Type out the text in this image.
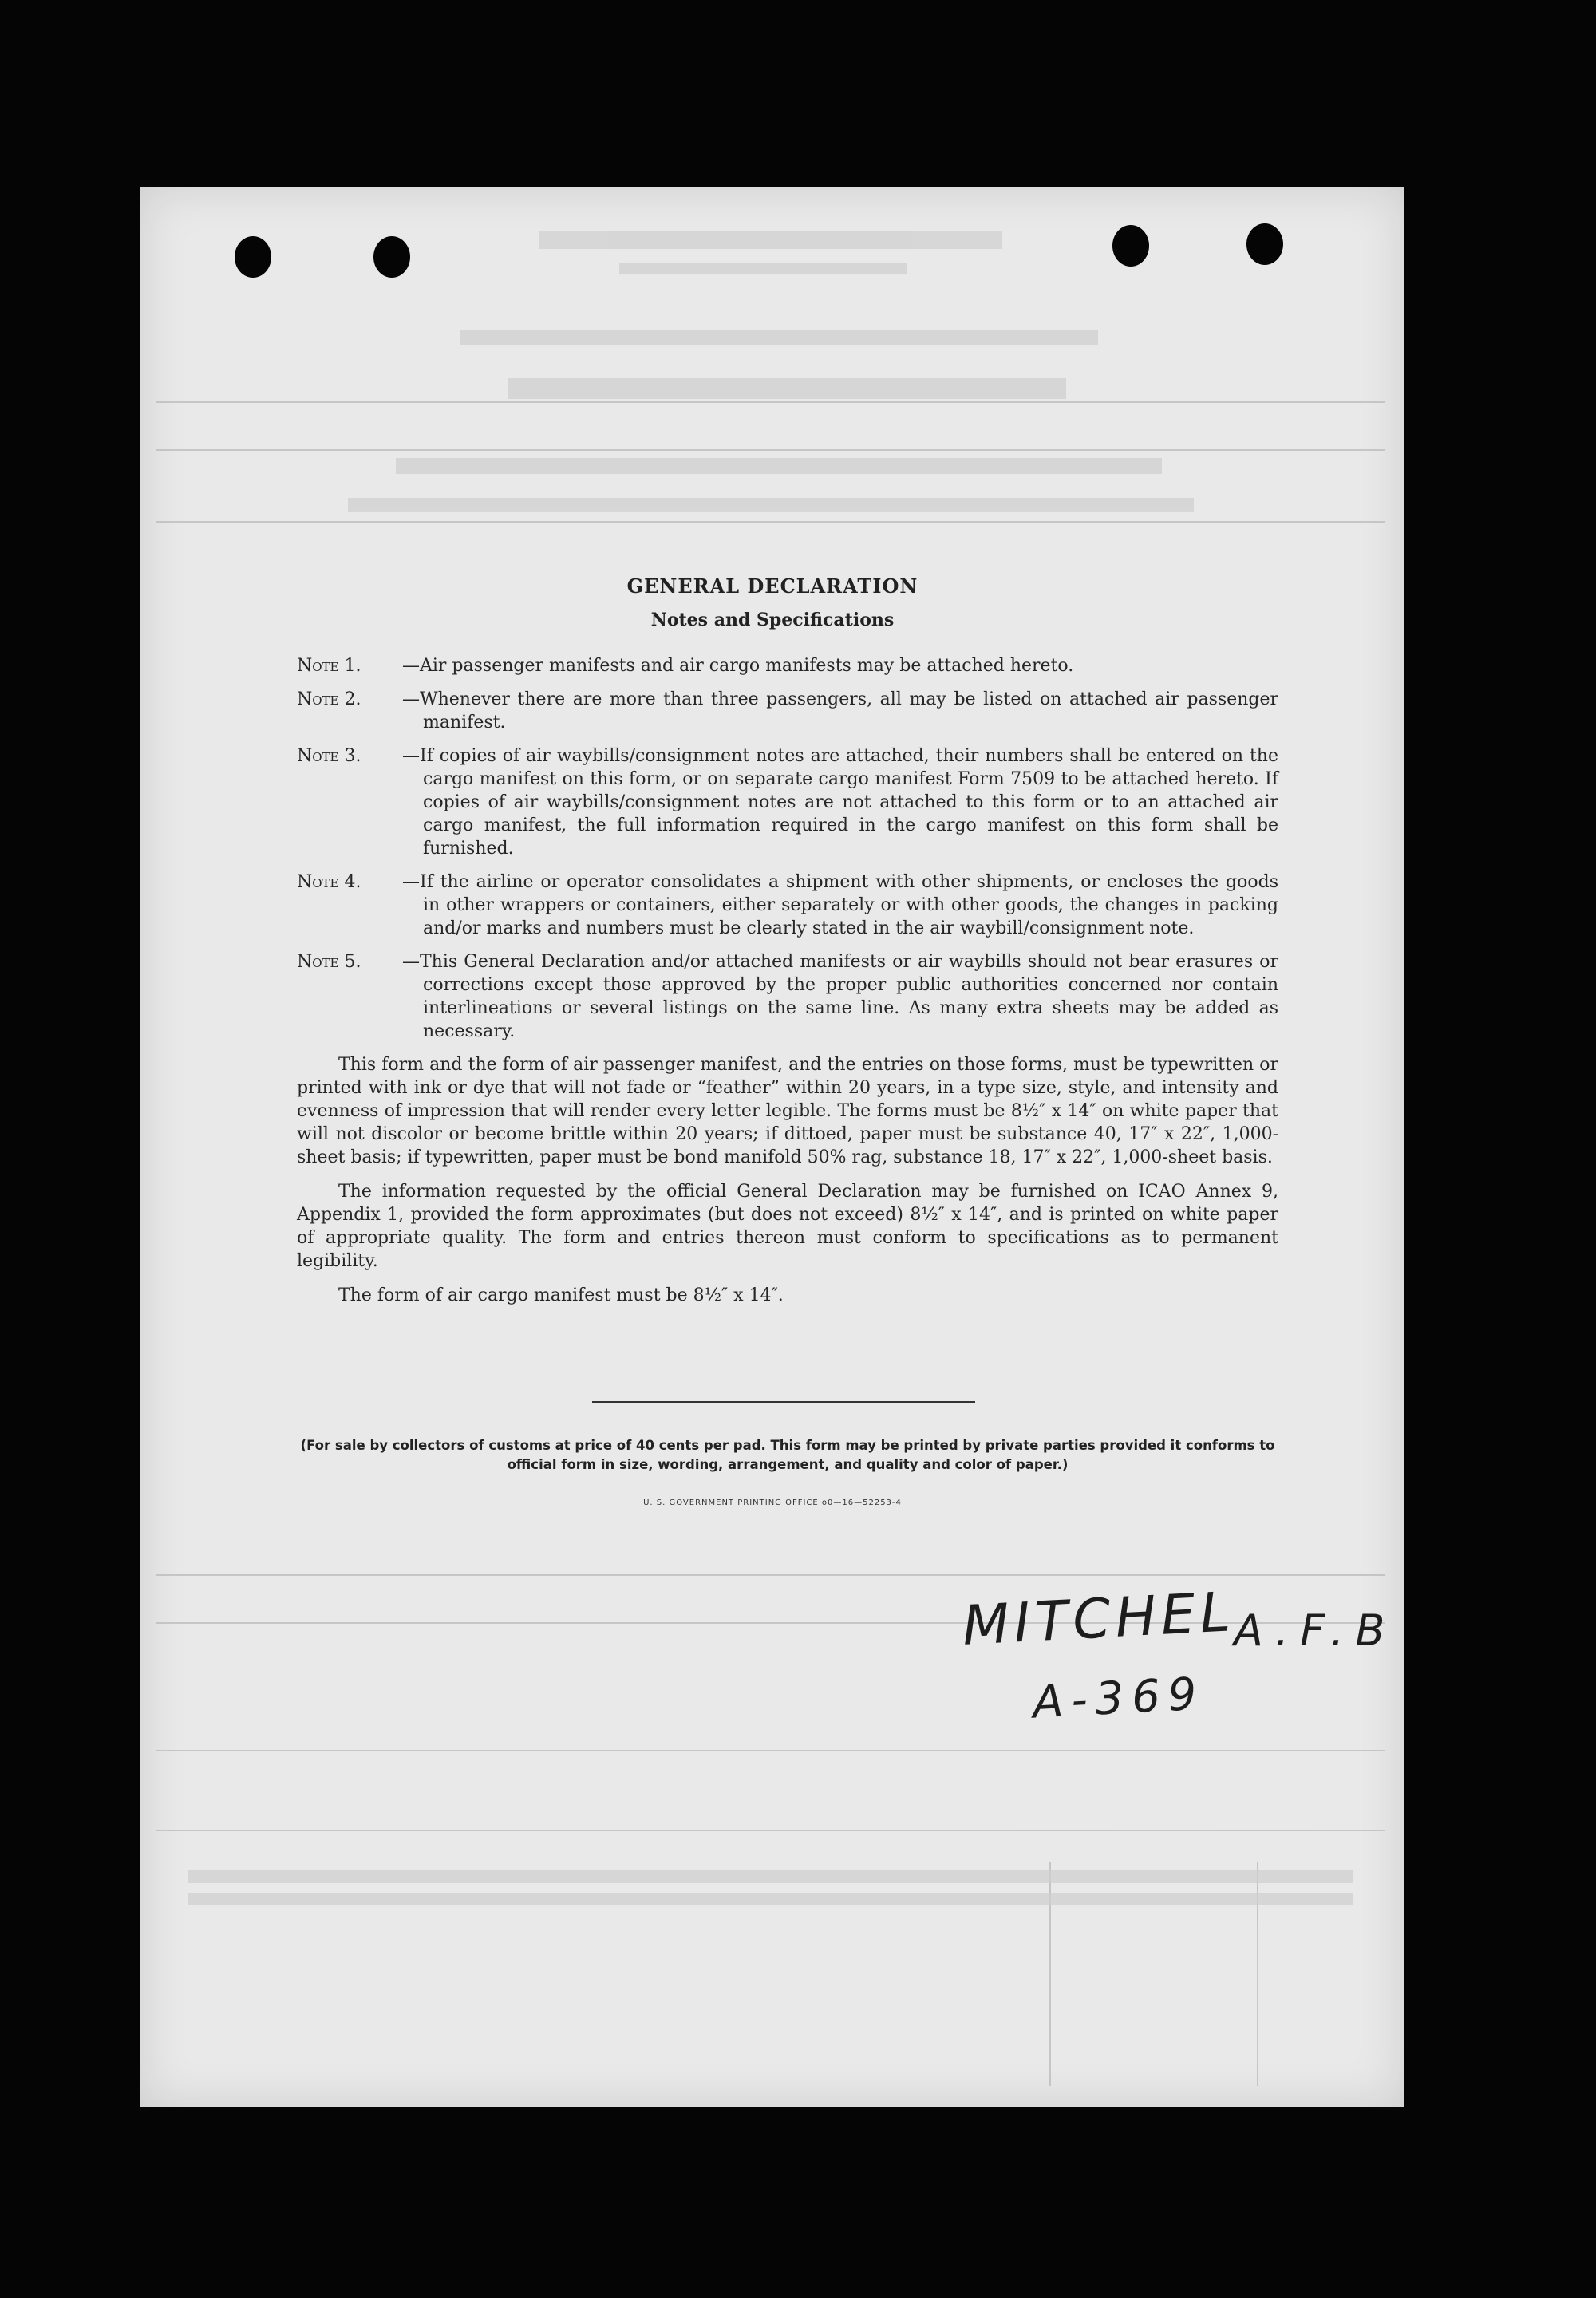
GENERAL DECLARATION
Notes and Specifications
Note 1.	—Air passenger manifests and air cargo manifests may be attached hereto.
Note 2.	—Whenever there are more than three passengers, all may be listed on attached air passenger manifest.
Note 3.	—If copies of air waybills/consignment notes are attached, their numbers shall be entered on the cargo manifest on this form, or on separate cargo manifest Form 7509 to be attached hereto. If copies of air waybills/consignment notes are not attached to this form or to an attached air cargo manifest, the full information required in the cargo manifest on this form shall be furnished.
Note 4.	—If the airline or operator consolidates a shipment with other shipments, or encloses the goods in other wrappers or containers, either separately or with other goods, the changes in packing and/or marks and numbers must be clearly stated in the air waybill/consignment note.
Note 5.	—This General Declaration and/or attached manifests or air waybills should not bear erasures or corrections except those approved by the proper public authorities concerned nor contain interlineations or several listings on the same line. As many extra sheets may be added as necessary.

This form and the form of air passenger manifest, and the entries on those forms, must be typewritten or printed with ink or dye that will not fade or “feather” within 20 years, in a type size, style, and intensity and evenness of impression that will render every letter legible. The forms must be 8½″ x 14″ on white paper that will not discolor or become brittle within 20 years; if dittoed, paper must be substance 40, 17″ x 22″, 1,000-sheet basis; if typewritten, paper must be bond manifold 50% rag, substance 18, 17″ x 22″, 1,000-sheet basis.

The information requested by the official General Declaration may be furnished on ICAO Annex 9, Appendix 1, provided the form approximates (but does not exceed) 8½″ x 14″, and is printed on white paper of appropriate quality. The form and entries thereon must conform to specifications as to permanent legibility.

The form of air cargo manifest must be 8½″ x 14″.

(For sale by collectors of customs at price of 40 cents per pad. This form may be printed by private parties provided it conforms to official form in size, wording, arrangement, and quality and color of paper.)
U. S. GOVERNMENT PRINTING OFFICE o0—16—52253-4
MITCHEL
A.F.B
A-369
